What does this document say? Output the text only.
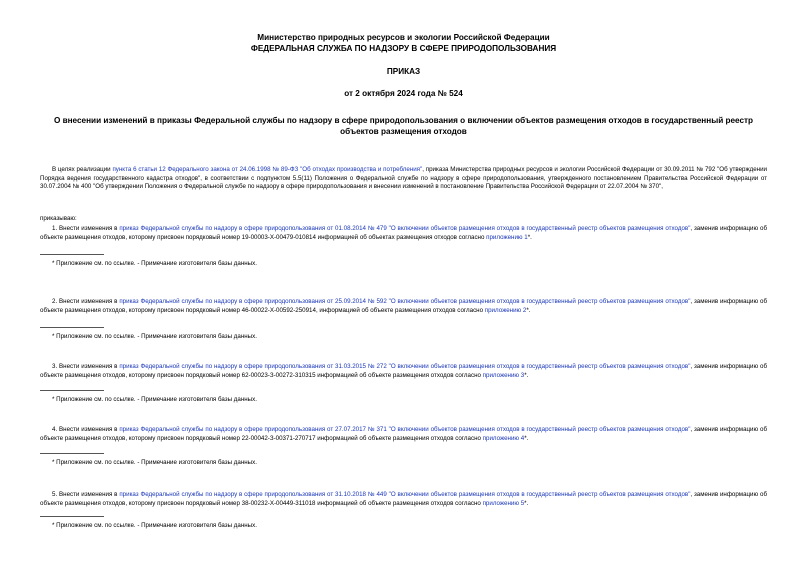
Министерство природных ресурсов и экологии Российской Федерации
ФЕДЕРАЛЬНАЯ СЛУЖБА ПО НАДЗОРУ В СФЕРЕ ПРИРОДОПОЛЬЗОВАНИЯ
ПРИКАЗ
от 2 октября 2024 года № 524
О внесении изменений в приказы Федеральной службы по надзору в сфере природопользования о включении объектов размещения отходов в государственный реестр объектов размещения отходов
В целях реализации пункта 6 статьи 12 Федерального закона от 24.06.1998 № 89-ФЗ "Об отходах производства и потребления", приказа Министерства природных ресурсов и экологии Российской Федерации от 30.09.2011 № 792 "Об утверждении Порядка ведения государственного кадастра отходов", в соответствии с подпунктом 5.5(11) Положения о Федеральной службе по надзору в сфере природопользования, утвержденного постановлением Правительства Российской Федерации от 30.07.2004 № 400 "Об утверждении Положения о Федеральной службе по надзору в сфере природопользования и внесении изменений в постановление Правительства Российской Федерации от 22.07.2004 № 370",
приказываю:
1. Внести изменения в приказ Федеральной службы по надзору в сфере природопользования от 01.08.2014 № 479 "О включении объектов размещения отходов в государственный реестр объектов размещения отходов", заменив информацию об объекте размещения отходов, которому присвоен порядковый номер 19-00003-Х-00479-010814 информацией об объектах размещения отходов согласно приложению 1*.
* Приложение см. по ссылке. - Примечание изготовителя базы данных.
2. Внести изменения в приказ Федеральной службы по надзору в сфере природопользования от 25.09.2014 № 592 "О включении объектов размещения отходов в государственный реестр объектов размещения отходов", заменив информацию об объекте размещения отходов, которому присвоен порядковый номер 46-00022-Х-00592-250914, информацией об объекте размещения отходов согласно приложению 2*.
* Приложение см. по ссылке. - Примечание изготовителя базы данных.
3. Внести изменения в приказ Федеральной службы по надзору в сфере природопользования от 31.03.2015 № 272 "О включении объектов размещения отходов в государственный реестр объектов размещения отходов", заменив информацию об объекте размещения отходов, которому присвоен порядковый номер 62-00023-З-00272-310315 информацией об объекте размещения отходов согласно приложению 3*.
* Приложение см. по ссылке. - Примечание изготовителя базы данных.
4. Внести изменения в приказ Федеральной службы по надзору в сфере природопользования от 27.07.2017 № 371 "О включении объектов размещения отходов в государственный реестр объектов размещения отходов", заменив информацию об объекте размещения отходов, которому присвоен порядковый номер 22-00042-З-00371-270717 информацией об объекте размещения отходов согласно приложению 4*.
* Приложение см. по ссылке. - Примечание изготовителя базы данных.
5. Внести изменения в приказ Федеральной службы по надзору в сфере природопользования от 31.10.2018 № 449 "О включении объектов размещения отходов в государственный реестр объектов размещения отходов", заменив информацию об объекте размещения отходов, которому присвоен порядковый номер 38-00232-Х-00449-311018 информацией об объекте размещения отходов согласно приложению 5*.
* Приложение см. по ссылке. - Примечание изготовителя базы данных.
